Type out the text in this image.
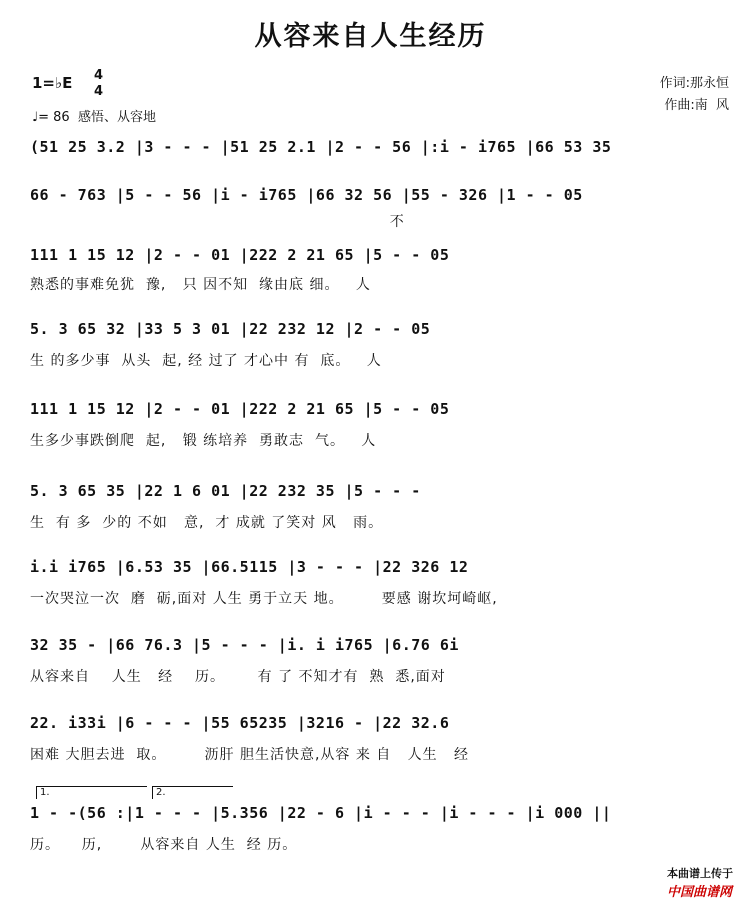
从容来自人生经历
1=♭E 4
4
♩= 86  感悟、从容地
作词:那永恒
作曲:南  风
(51 25 3.2 |3 - - - |51 25 2.1 |2 - - 56 |:i - i765 |66 53 35
66 - 763 |5 - - 56 |i - i765 |66 32 56 |55 - 326 |1 - - 05
不
111 1 15 12 |2 - - 01 |222 2 21 65 |5 - - 05
熟悉的事难免犹  豫,   只 因不知  缘由底 细。   人
5. 3 65 32 |33 5 3 01 |22 232 12 |2 - - 05
生 的多少事  从头  起, 经 过了 才心中 有  底。   人
111 1 15 12 |2 - - 01 |222 2 21 65 |5 - - 05
生多少事跌倒爬  起,   锻 练培养  勇敢志  气。   人
5. 3 65 35 |22 1 6 01 |22 232 35 |5 - - -
生  有 多  少的 不如   意,  才 成就 了笑对 风   雨。
i.i i765 |6.53 35 |66.5115 |3 - - - |22 326 12
一次哭泣一次  磨  砺,面对 人生 勇于立天 地。       要感 谢坎坷崎岖,
32 35 - |66 76.3 |5 - - - |i. i i765 |6.76 6i
从容来自    人生   经    历。      有 了 不知才有  熟  悉,面对
22. i33i |6 - - - |55 65235 |3216 - |22 32.6
困难 大胆去进  取。       沥肝 胆生活快意,从容 来 自   人生   经
1.	2.
1 - -(56 :|1 - - - |5.356 |22 - 6 |i - - - |i - - - |i 000 ||
历。    历,       从容来自 人生  经 历。

本曲谱上传于
中国曲谱网
